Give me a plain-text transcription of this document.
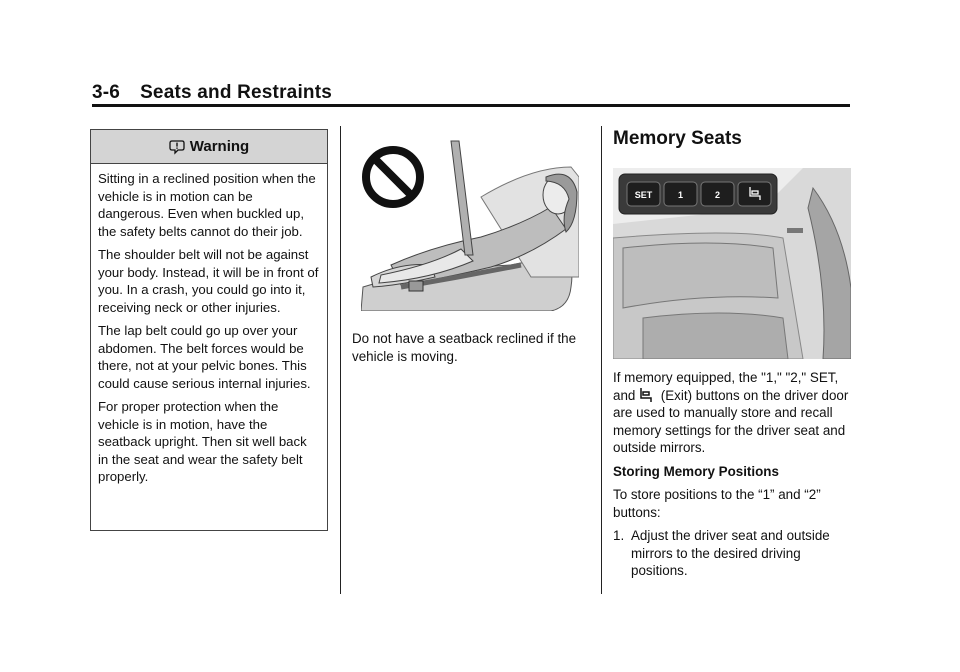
3-6 Seats and Restraints
Warning

Sitting in a reclined position when the vehicle is in motion can be dangerous. Even when buckled up, the safety belts cannot do their job.

The shoulder belt will not be against your body. Instead, it will be in front of you. In a crash, you could go into it, receiving neck or other injuries.

The lap belt could go up over your abdomen. The belt forces would be there, not at your pelvic bones. This could cause serious internal injuries.

For proper protection when the vehicle is in motion, have the seatback upright. Then sit well back in the seat and wear the safety belt properly.

Do not have a seatback reclined if the vehicle is moving.
Memory Seats
SET	1	2

If memory equipped, the "1," "2," SET, and  (Exit) buttons on the driver door are used to manually store and recall memory settings for the driver seat and outside mirrors.

Storing Memory Positions

To store positions to the “1” and “2” buttons:

1. Adjust the driver seat and outside mirrors to the desired driving positions.
